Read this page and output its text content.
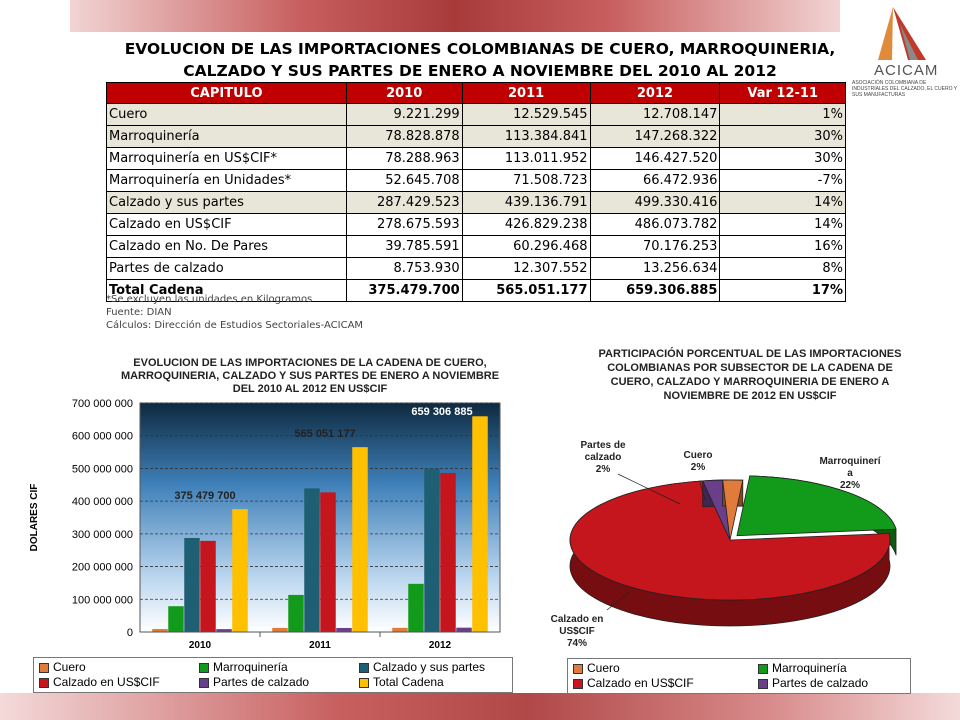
EVOLUCION DE LAS IMPORTACIONES COLOMBIANAS DE CUERO, MARROQUINERIA,
CALZADO Y SUS PARTES DE ENERO A NOVIEMBRE DEL 2010 AL 2012	ACICAM
ASOCIACIÓN COLOMBIANA DE INDUSTRIALES DEL CALZADO, EL CUERO Y SUS MANUFACTURAS
CAPITULO	2010	2011	2012	Var 12-11
Cuero	9.221.299	12.529.545	12.708.147	1%
Marroquinería	78.828.878	113.384.841	147.268.322	30%
Marroquinería en US$CIF*	78.288.963	113.011.952	146.427.520	30%
Marroquinería en Unidades*	52.645.708	71.508.723	66.472.936	-7%
Calzado y sus partes	287.429.523	439.136.791	499.330.416	14%
Calzado en US$CIF	278.675.593	426.829.238	486.073.782	14%
Calzado en No. De Pares	39.785.591	60.296.468	70.176.253	16%
Partes de calzado	8.753.930	12.307.552	13.256.634	8%
Total Cadena	375.479.700	565.051.177	659.306.885	17%
*Se excluyen las unidades en Kilogramos
Fuente: DIAN
Cálculos: Dirección de Estudios Sectoriales-ACICAM
EVOLUCION DE LAS IMPORTACIONES DE LA CADENA DE CUERO, MARROQUINERIA, CALZADO Y SUS PARTES DE ENERO A NOVIEMBRE DEL 2010 AL 2012 EN US$CIF
0
100 000 000
200 000 000
300 000 000
400 000 000
500 000 000
600 000 000
700 000 000
DOLARES CIF
2010	2011	2012
375 479 700
565 051 177
659 306 885
Cuero	Marroquinería	Calzado y sus partes
Calzado en US$CIF	Partes de calzado	Total Cadena
PARTICIPACIÓN PORCENTUAL DE LAS IMPORTACIONES COLOMBIANAS POR SUBSECTOR DE LA CADENA DE CUERO, CALZADO Y MARROQUINERIA DE ENERO A NOVIEMBRE DE 2012 EN US$CIF
Cuero
2%
Marroquinerí
a
22%
Calzado en
US$CIF
74%
Partes de
calzado
2%
Cuero	Marroquinería
Calzado en US$CIF	Partes de calzado
